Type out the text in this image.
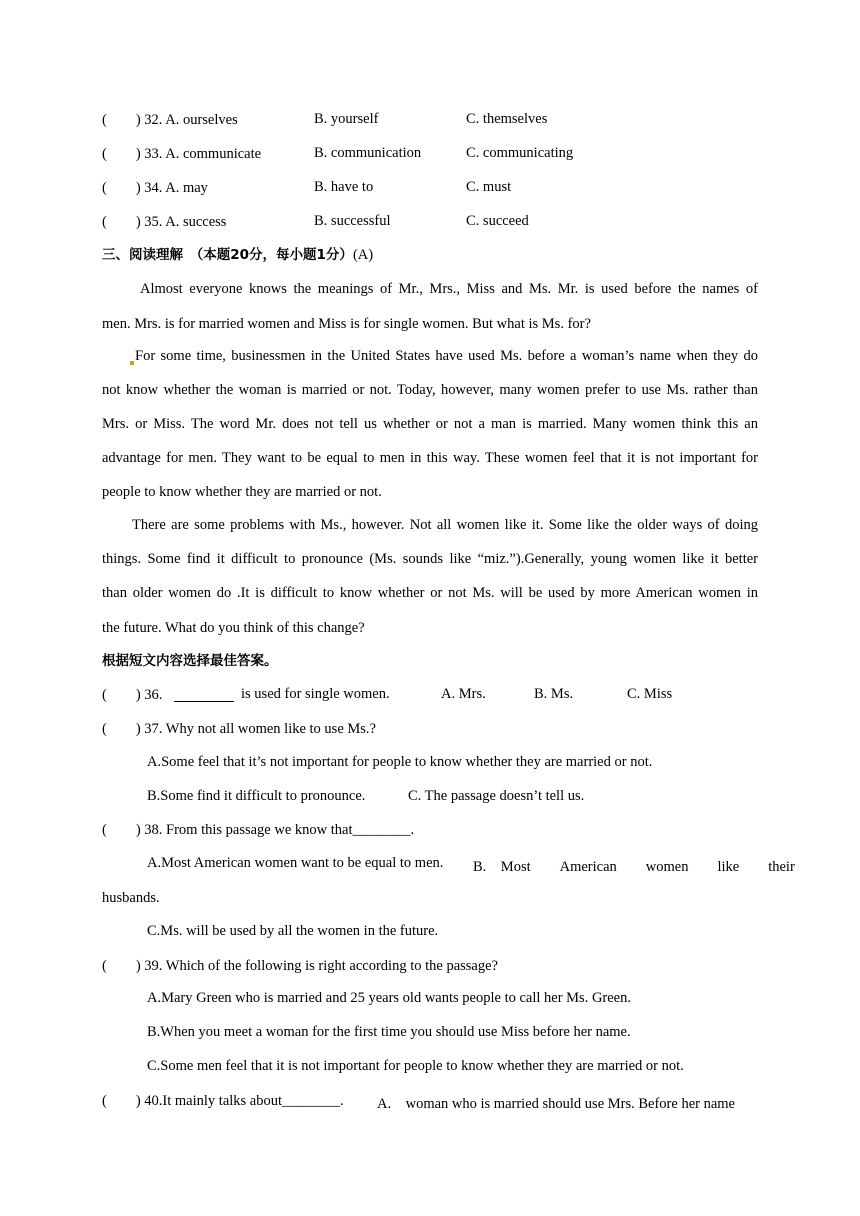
(　　) 32. A. ourselves	B. yourself	C. themselves
(　　) 33. A. communicate	B. communication	C. communicating
(　　) 34. A. may	B. have to	C. must
(　　) 35. A. success	B. successful	C. succeed
三、阅读理解　（本题20分，每小题1分）(A)
Almost everyone knows the meanings of Mr., Mrs., Miss and Ms. Mr. is used before the names of
men. Mrs. is for married women and Miss is for single women. But what is Ms. for?
For some time, businessmen in the United States have used Ms. before a woman’s name when they do
not know whether the woman is married or not. Today, however, many women prefer to use Ms. rather than
Mrs. or Miss. The word Mr. does not tell us whether or not a man is married. Many women think this an
advantage for men. They want to be equal to men in this way. These women feel that it is not important for
people to know whether they are married or not.
There are some problems with Ms., however. Not all women like it. Some like the older ways of doing
things. Some find it difficult to pronounce (Ms. sounds like “miz.”).Generally, young women like it better
than older women do .It is difficult to know whether or not Ms. will be used by more American women in
the future. What do you think of this change?
根据短文内容选择最佳答案。
(　　) 36.	is used for single women.	A. Mrs.	B. Ms.	C. Miss
(　　) 37. Why not all women like to use Ms.?
A.Some feel that it’s not important for people to know whether they are married or not.
B.Some find it difficult to pronounce.	C. The passage doesn’t tell us.
(　　) 38. From this passage we know that________.
A.Most American women want to be equal to men. B.　Most　　American　　women　　like　　their
husbands.
C.Ms. will be used by all the women in the future.
(　　) 39. Which of the following is right according to the passage?
A.Mary Green who is married and 25 years old wants people to call her Ms. Green.
B.When you meet a woman for the first time you should use Miss before her name.
C.Some men feel that it is not important for people to know whether they are married or not.
(　　) 40.It mainly talks about________. A.　woman who is married should use Mrs. Before her name
